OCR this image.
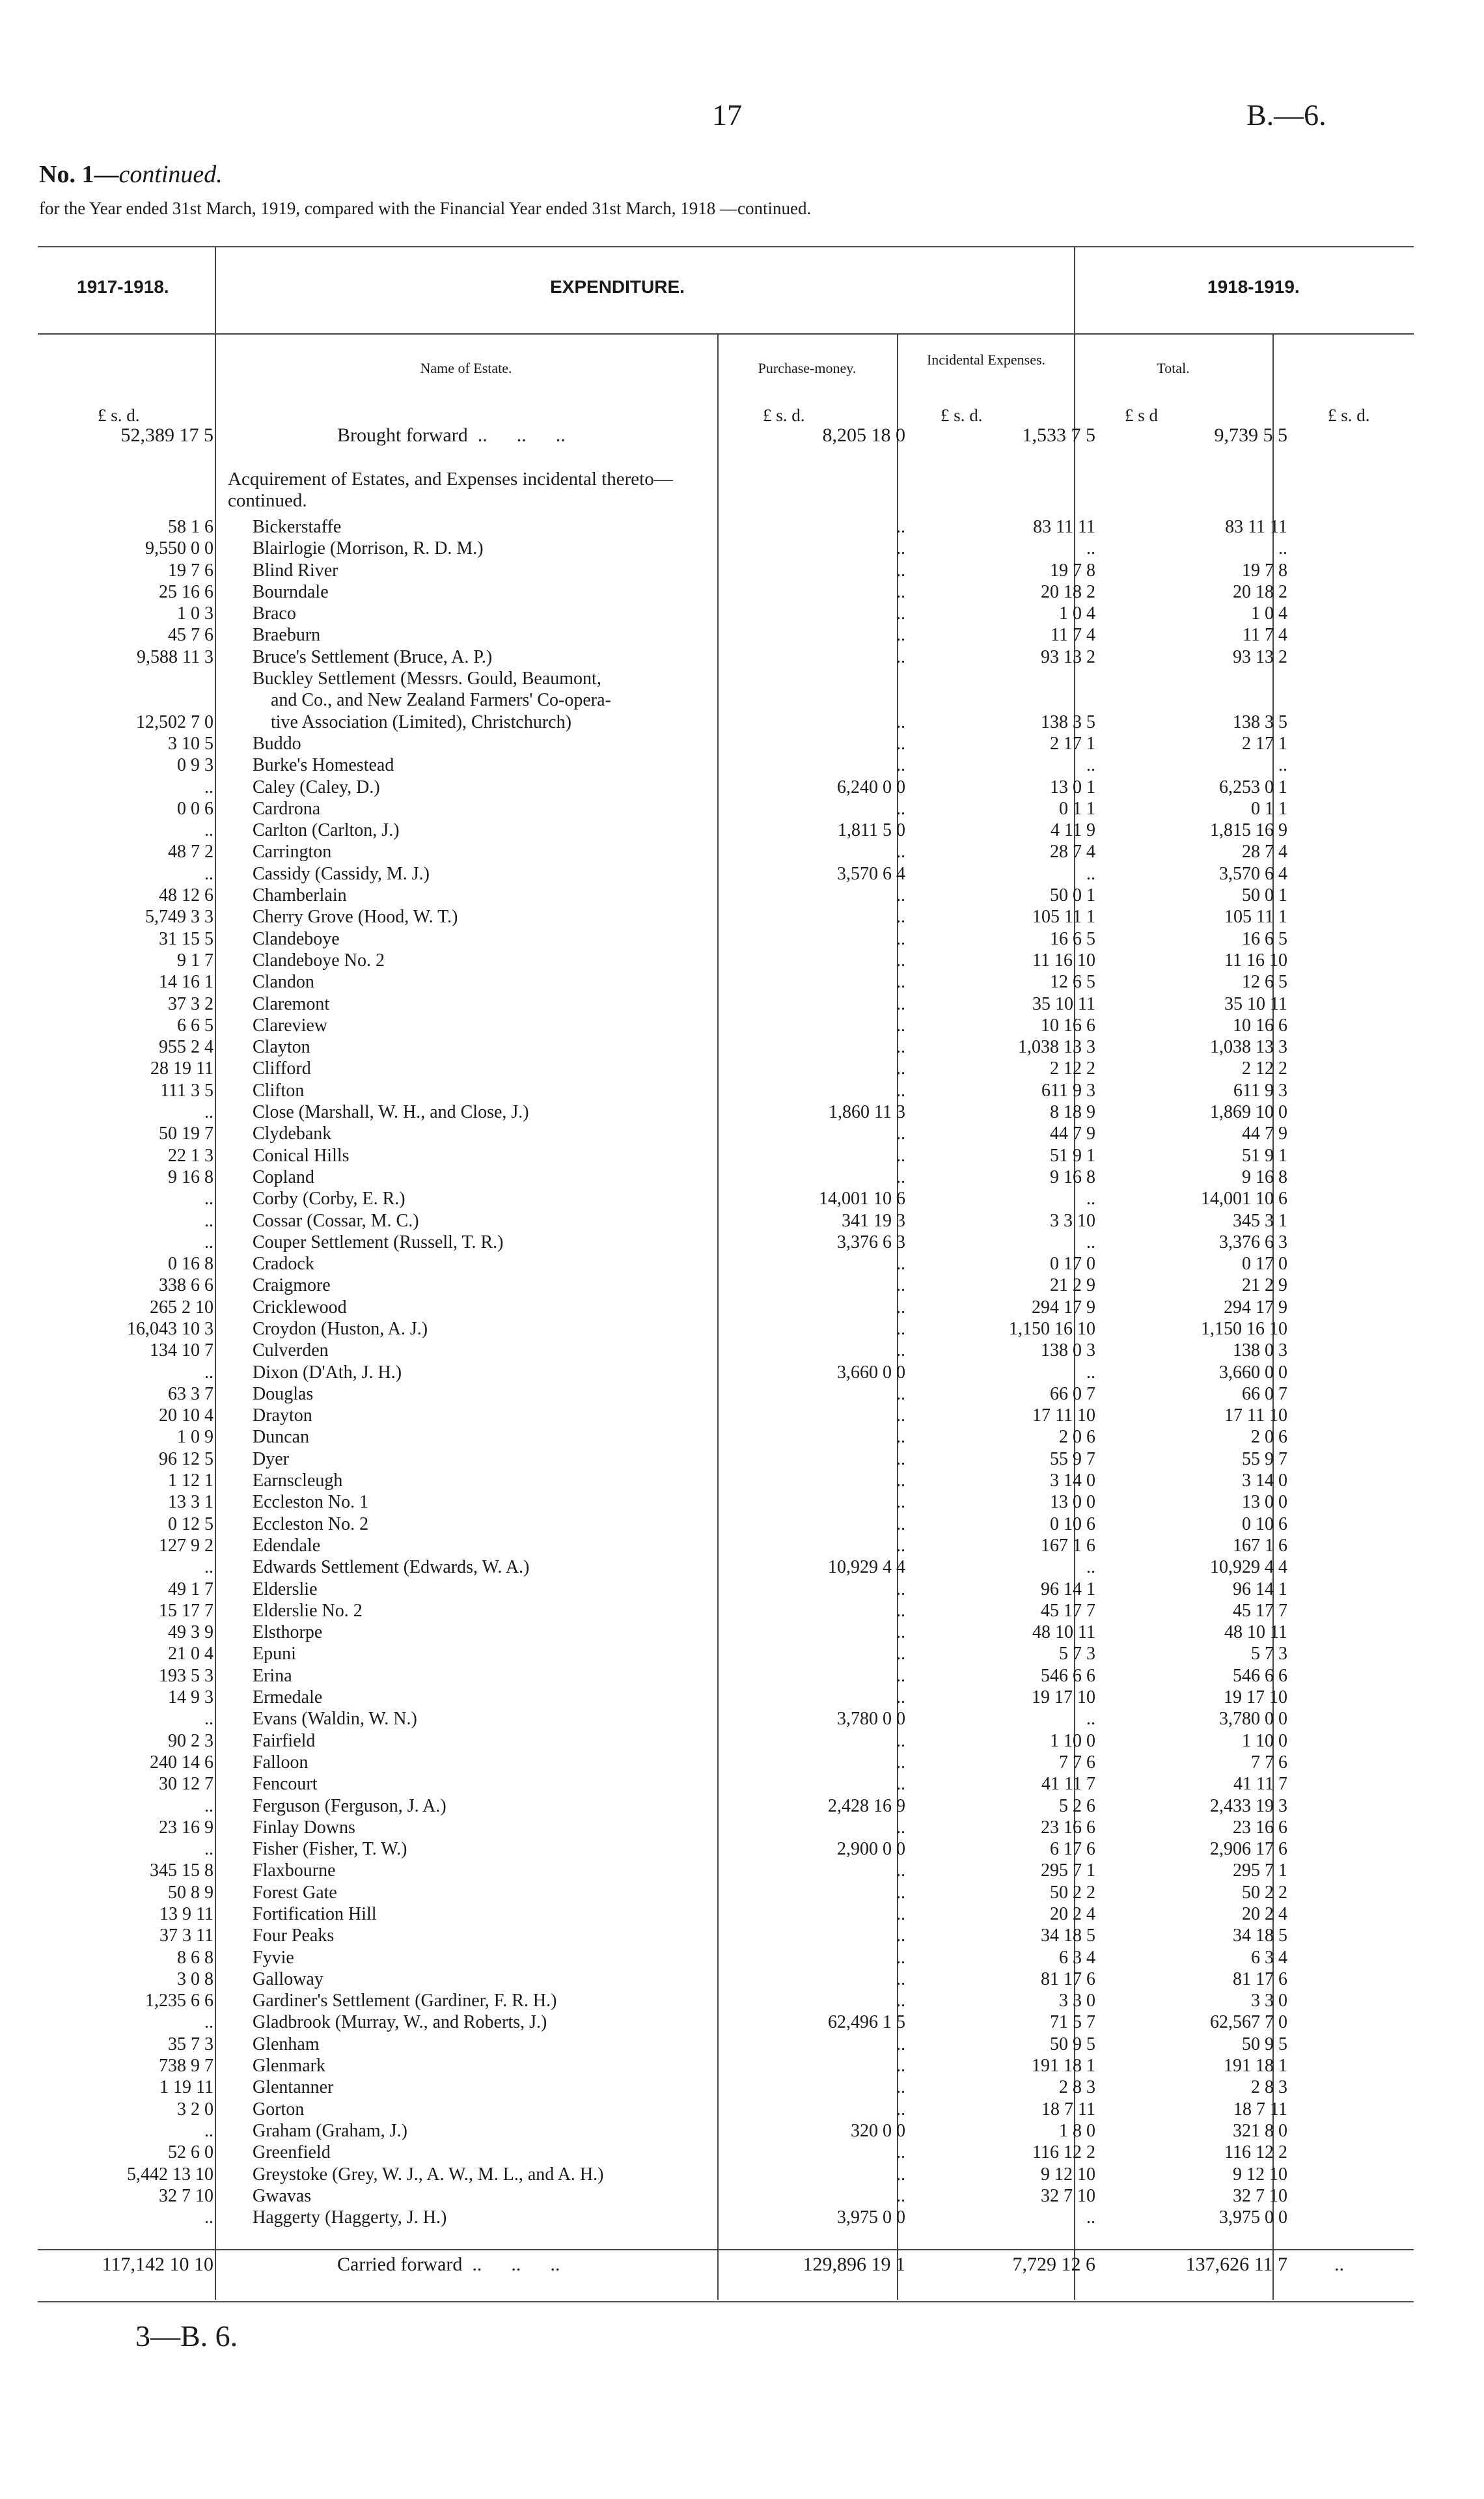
17	B.—6.
No. 1—continued.
for the Year ended 31st March, 1919, compared with the Financial Year ended 31st March, 1918 —continued.
1917-1918.	EXPENDITURE.	1918-1919.
Name of Estate.	Purchase-money.
Incidental Expenses.
Total.
£ s. d.	£ s. d.	£ s. d.	£ s d	£ s. d.
52,389 17 5	Brought forward  ..      ..      ..	8,205 18 0	1,533 7 5	9,739 5 5
Acquirement of Estates, and Expenses incidental thereto—continued.
58 1 6 Bickerstaffe	..	83 11 11	83 11 11
9,550 0 0 Blairlogie (Morrison, R. D. M.)	..	..	..
19 7 6 Blind River	..	19 7 8	19 7 8
25 16 6 Bourndale	..	20 18 2	20 18 2
1 0 3 Braco	..	1 0 4	1 0 4
45 7 6 Braeburn	..	11 7 4	11 7 4
9,588 11 3 Bruce's Settlement (Bruce, A. P.)	..	93 13 2	93 13 2
Buckley Settlement (Messrs. Gould, Beaumont,
and Co., and New Zealand Farmers' Co-opera-
12,502 7 0 tive Association (Limited), Christchurch)	..	138 3 5	138 3 5
3 10 5 Buddo	..	2 17 1	2 17 1
0 9 3 Burke's Homestead	..	..	..
.. Caley (Caley, D.)	6,240 0 0	13 0 1	6,253 0 1
0 0 6 Cardrona	..	0 1 1	0 1 1
.. Carlton (Carlton, J.)	1,811 5 0	4 11 9	1,815 16 9
48 7 2 Carrington	..	28 7 4	28 7 4
.. Cassidy (Cassidy, M. J.)	3,570 6 4	..	3,570 6 4
48 12 6 Chamberlain	..	50 0 1	50 0 1
5,749 3 3 Cherry Grove (Hood, W. T.)	..	105 11 1	105 11 1
31 15 5 Clandeboye	..	16 6 5	16 6 5
9 1 7 Clandeboye No. 2	..	11 16 10	11 16 10
14 16 1 Clandon	..	12 6 5	12 6 5
37 3 2 Claremont	..	35 10 11	35 10 11
6 6 5 Clareview	..	10 16 6	10 16 6
955 2 4 Clayton	..	1,038 13 3	1,038 13 3
28 19 11 Clifford	..	2 12 2	2 12 2
111 3 5 Clifton	..	611 9 3	611 9 3
.. Close (Marshall, W. H., and Close, J.)	1,860 11 3	8 18 9	1,869 10 0
50 19 7 Clydebank	..	44 7 9	44 7 9
22 1 3 Conical Hills	..	51 9 1	51 9 1
9 16 8 Copland	..	9 16 8	9 16 8
.. Corby (Corby, E. R.)	14,001 10 6	..	14,001 10 6
.. Cossar (Cossar, M. C.)	341 19 3	3 3 10	345 3 1
.. Couper Settlement (Russell, T. R.)	3,376 6 3	..	3,376 6 3
0 16 8 Cradock	..	0 17 0	0 17 0
338 6 6 Craigmore	..	21 2 9	21 2 9
265 2 10 Cricklewood	..	294 17 9	294 17 9
16,043 10 3 Croydon (Huston, A. J.)	..	1,150 16 10	1,150 16 10
134 10 7 Culverden	..	138 0 3	138 0 3
.. Dixon (D'Ath, J. H.)	3,660 0 0	..	3,660 0 0
63 3 7 Douglas	..	66 0 7	66 0 7
20 10 4 Drayton	..	17 11 10	17 11 10
1 0 9 Duncan	..	2 0 6	2 0 6
96 12 5 Dyer	..	55 9 7	55 9 7
1 12 1 Earnscleugh	..	3 14 0	3 14 0
13 3 1 Eccleston No. 1	..	13 0 0	13 0 0
0 12 5 Eccleston No. 2	..	0 10 6	0 10 6
127 9 2 Edendale	..	167 1 6	167 1 6
.. Edwards Settlement (Edwards, W. A.)	10,929 4 4	..	10,929 4 4
49 1 7 Elderslie	..	96 14 1	96 14 1
15 17 7 Elderslie No. 2	..	45 17 7	45 17 7
49 3 9 Elsthorpe	..	48 10 11	48 10 11
21 0 4 Epuni	..	5 7 3	5 7 3
193 5 3 Erina	..	546 6 6	546 6 6
14 9 3 Ermedale	..	19 17 10	19 17 10
.. Evans (Waldin, W. N.)	3,780 0 0	..	3,780 0 0
90 2 3 Fairfield	..	1 10 0	1 10 0
240 14 6 Falloon	..	7 7 6	7 7 6
30 12 7 Fencourt	..	41 11 7	41 11 7
.. Ferguson (Ferguson, J. A.)	2,428 16 9	5 2 6	2,433 19 3
23 16 9 Finlay Downs	..	23 16 6	23 16 6
.. Fisher (Fisher, T. W.)	2,900 0 0	6 17 6	2,906 17 6
345 15 8 Flaxbourne	..	295 7 1	295 7 1
50 8 9 Forest Gate	..	50 2 2	50 2 2
13 9 11 Fortification Hill	..	20 2 4	20 2 4
37 3 11 Four Peaks	..	34 18 5	34 18 5
8 6 8 Fyvie	..	6 3 4	6 3 4
3 0 8 Galloway	..	81 17 6	81 17 6
1,235 6 6 Gardiner's Settlement (Gardiner, F. R. H.)	..	3 3 0	3 3 0
.. Gladbrook (Murray, W., and Roberts, J.)	62,496 1 5	71 5 7	62,567 7 0
35 7 3 Glenham	..	50 9 5	50 9 5
738 9 7 Glenmark	..	191 18 1	191 18 1
1 19 11 Glentanner	..	2 8 3	2 8 3
3 2 0 Gorton	..	18 7 11	18 7 11
.. Graham (Graham, J.)	320 0 0	1 8 0	321 8 0
52 6 0 Greenfield	..	116 12 2	116 12 2
5,442 13 10 Greystoke (Grey, W. J., A. W., M. L., and A. H.)	..	9 12 10	9 12 10
32 7 10 Gwavas	..	32 7 10	32 7 10
.. Haggerty (Haggerty, J. H.)	3,975 0 0	..	3,975 0 0
117,142 10 10	Carried forward  ..      ..      ..	129,896 19 1	7,729 12 6	137,626 11 7 ..
3—B. 6.
